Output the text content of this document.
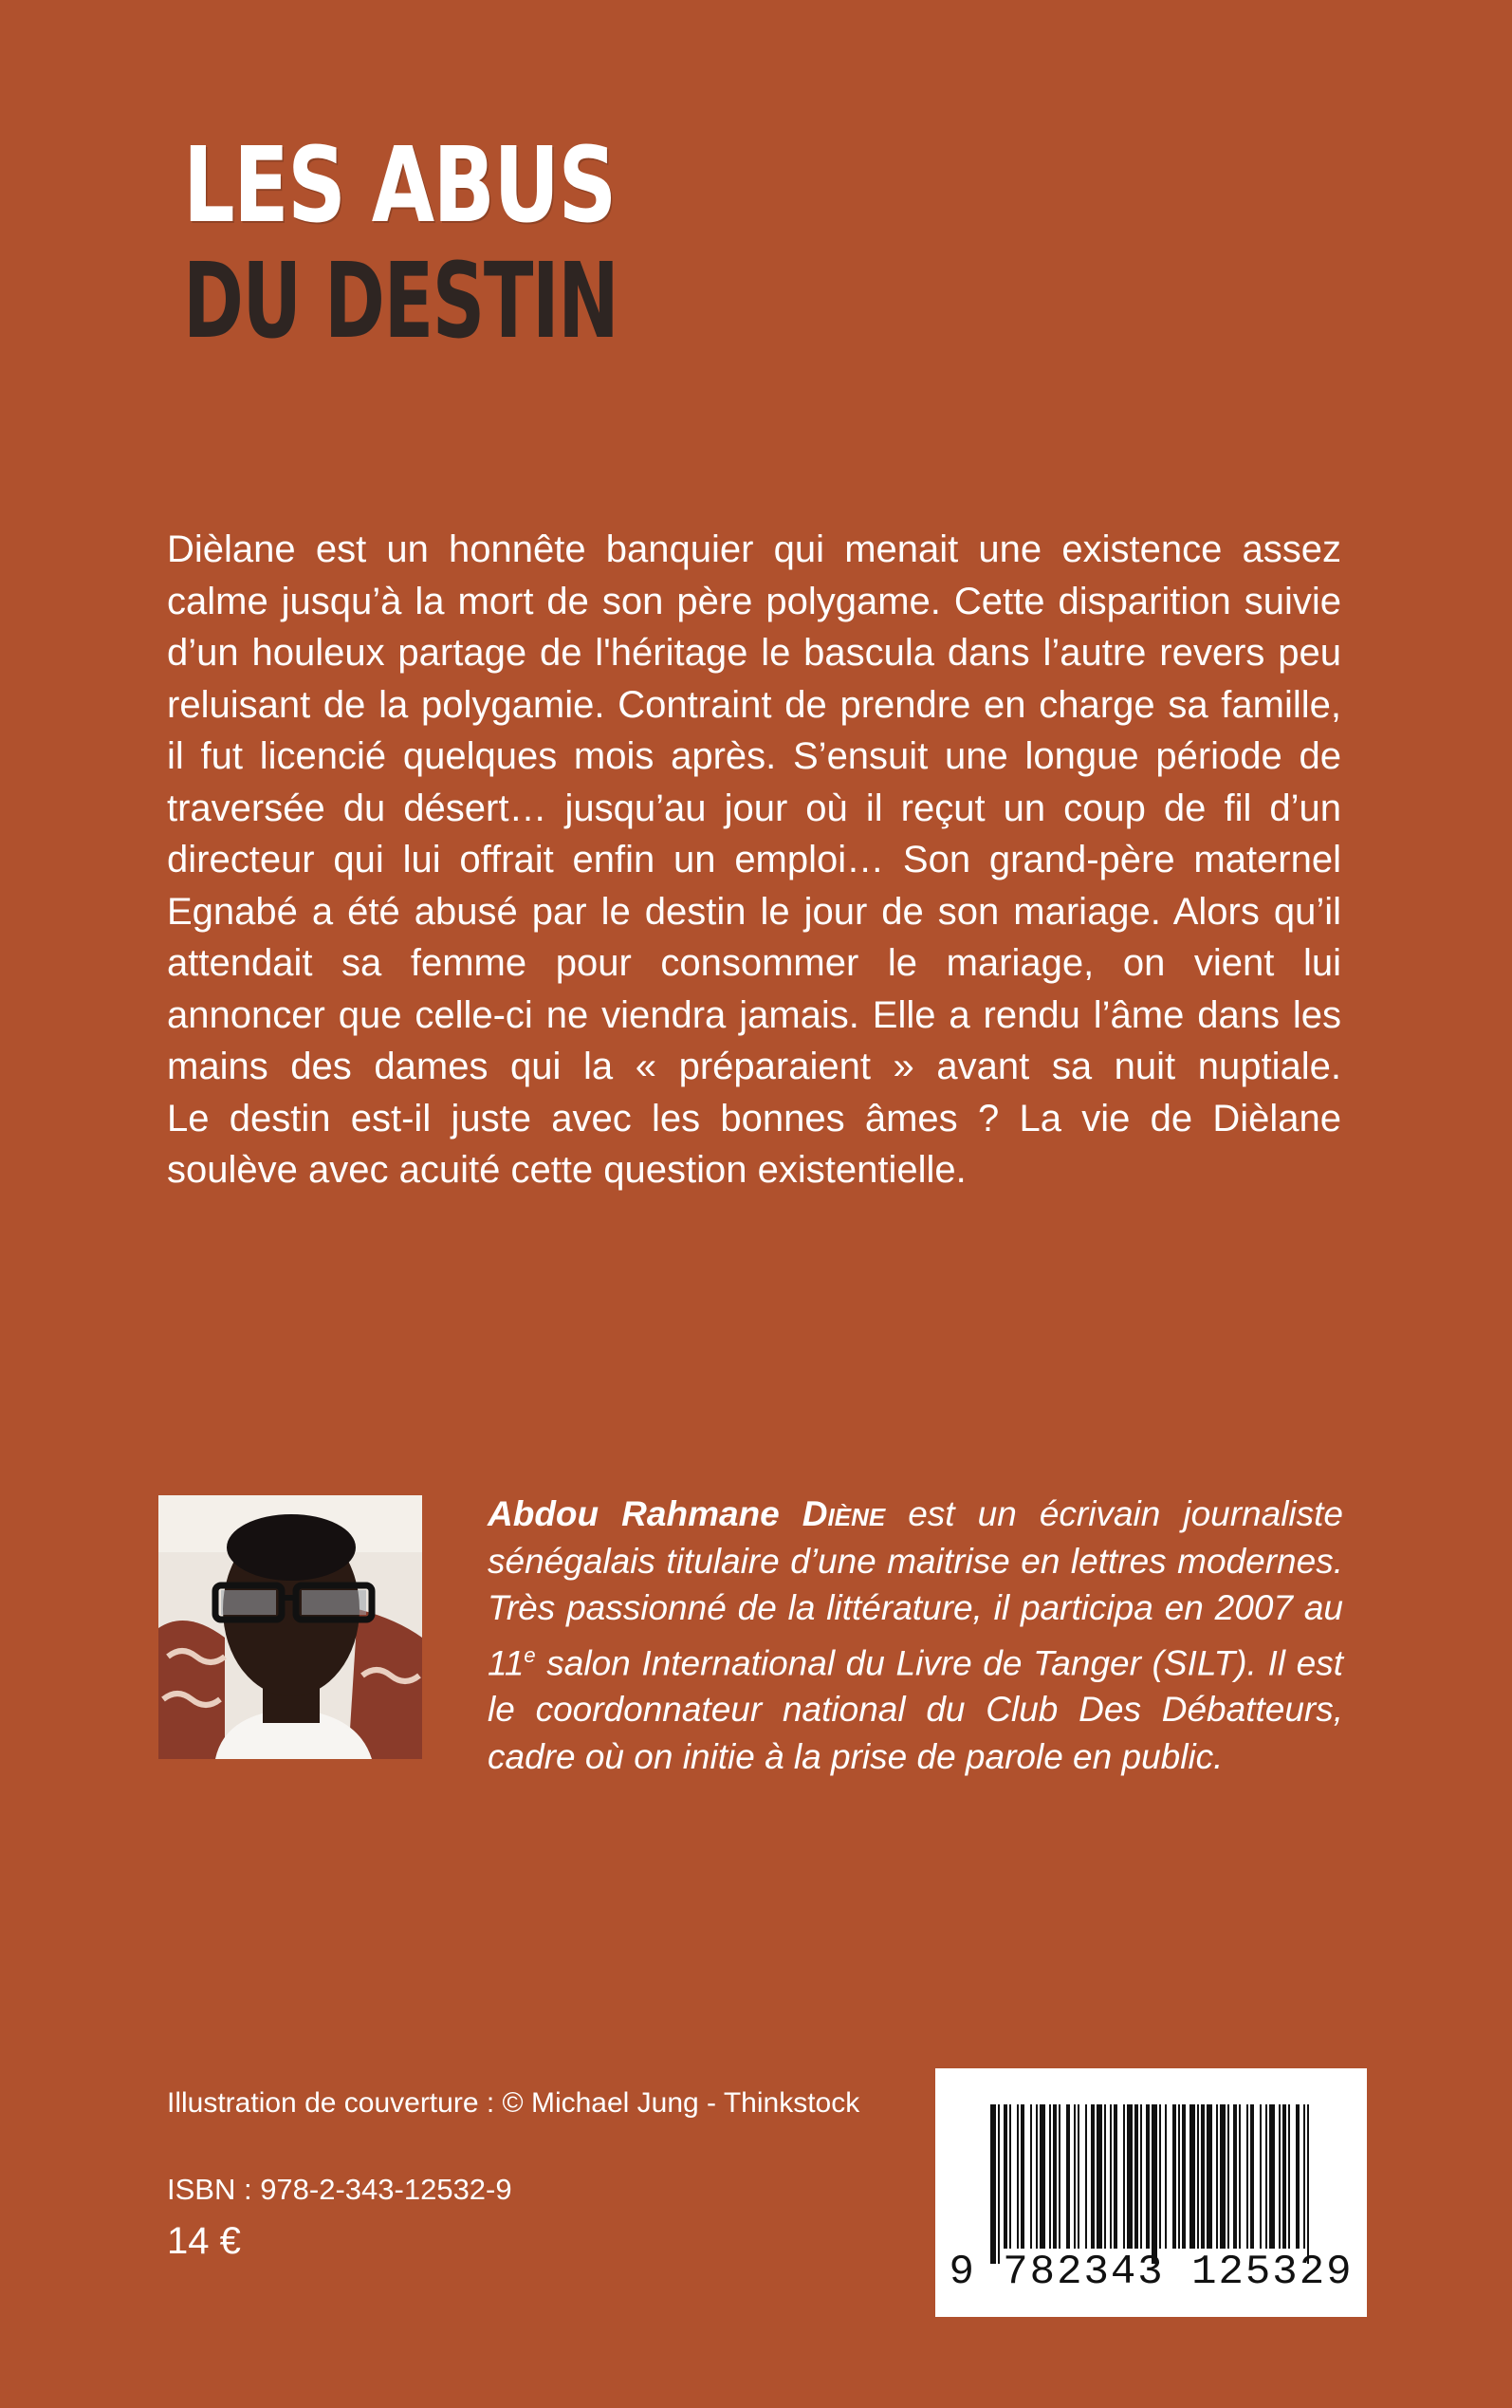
LES ABUS
DU DESTIN

Dièlane est un honnête banquier qui menait une existence assez calme jusqu’à la mort de son père polygame. Cette disparition suivie d’un houleux partage de l'héritage le bascula dans l’autre revers peu reluisant de la polygamie. Contraint de prendre en charge sa famille, il fut licencié quelques mois après. S’ensuit une longue période de traversée du désert… jusqu’au jour où il reçut un coup de fil d’un directeur qui lui offrait enfin un emploi… Son grand-père maternel Egnabé a été abusé par le destin le jour de son mariage. Alors qu’il attendait sa femme pour consommer le mariage, on vient lui annoncer que celle-ci ne viendra jamais. Elle a rendu l’âme dans les mains des dames qui la « préparaient » avant sa nuit nuptiale.

Le destin est-il juste avec les bonnes âmes ? La vie de Dièlane soulève avec acuité cette question existentielle.

Abdou Rahmane Diène est un écrivain journaliste sénégalais titulaire d’une maitrise en lettres modernes. Très passionné de la littérature, il participa en 2007 au 11e salon International du Livre de Tanger (SILT). Il est le coordonnateur national du Club Des Débatteurs, cadre où on initie à la prise de parole en public.

Illustration de couverture : © Michael Jung - Thinkstock
ISBN : 978-2-343-12532-9
14 €
9 782343 125329
